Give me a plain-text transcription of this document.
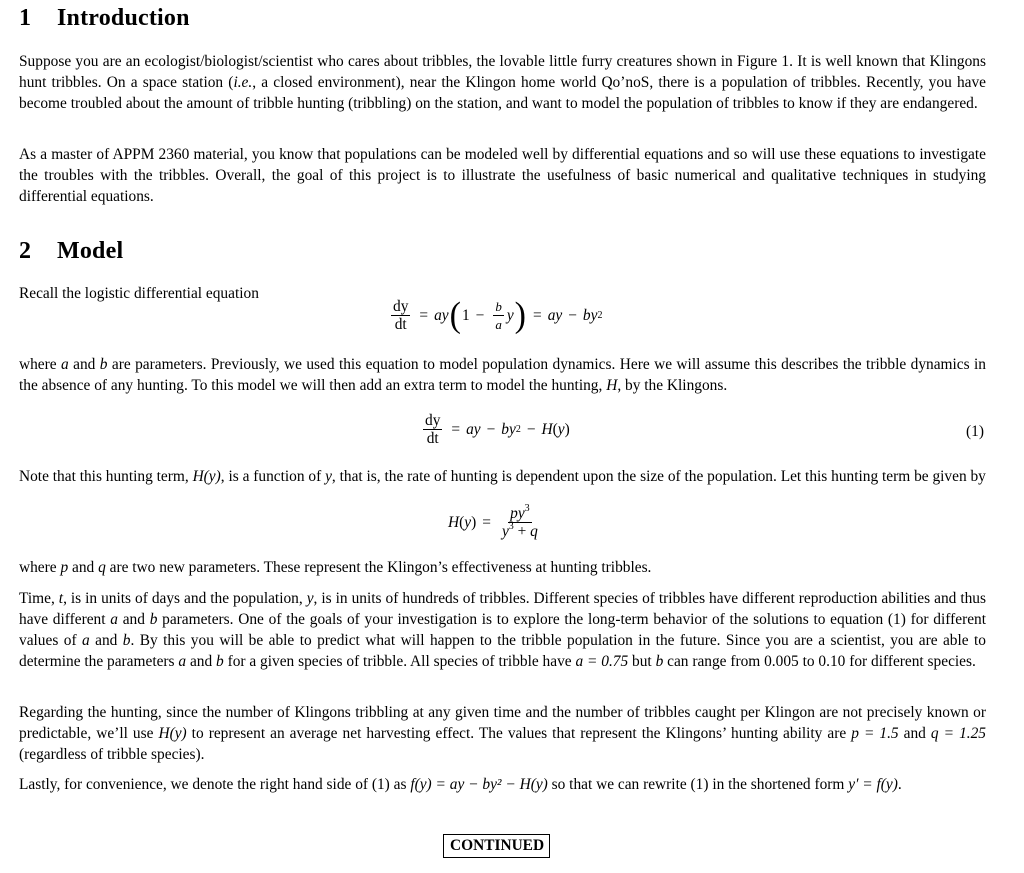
1 Introduction

Suppose you are an ecologist/biologist/scientist who cares about tribbles, the lovable little furry creatures shown in Figure 1. It is well known that Klingons hunt tribbles. On a space station (i.e., a closed environment), near the Klingon home world Qo’noS, there is a population of tribbles. Recently, you have become troubled about the amount of tribble hunting (tribbling) on the station, and want to model the population of tribbles to know if they are endangered.

As a master of APPM 2360 material, you know that populations can be modeled well by differential equations and so will use these equations to investigate the troubles with the tribbles. Overall, the goal of this project is to illustrate the usefulness of basic numerical and qualitative techniques in studying differential equations.

2 Model

Recall the logistic differential equation

$\frac{dy}{dt}$ = ay ( $1 - \frac{b}{a}$ y ) = ay − by 2

where a and b are parameters. Previously, we used this equation to model population dynamics. Here we will assume this describes the tribble dynamics in the absence of any hunting. To this model we will then add an extra term to model the hunting, H, by the Klingons.

$\frac{dy}{dt}$ = ay − by 2 − H ( y )	(1)

Note that this hunting term, H(y), is a function of y, that is, the rate of hunting is dependent upon the size of the population. Let this hunting term be given by

H ( y ) = $\frac{py^3}{y^3 + q}$

where p and q are two new parameters. These represent the Klingon’s effectiveness at hunting tribbles.

Time, t, is in units of days and the population, y, is in units of hundreds of tribbles. Different species of tribbles have different reproduction abilities and thus have different a and b parameters. One of the goals of your investigation is to explore the long-term behavior of the solutions to equation (1) for different values of a and b. By this you will be able to predict what will happen to the tribble population in the future. Since you are a scientist, you are able to determine the parameters a and b for a given species of tribble. All species of tribble have a = 0.75 but b can range from 0.005 to 0.10 for different species.

Regarding the hunting, since the number of Klingons tribbling at any given time and the number of tribbles caught per Klingon are not precisely known or predictable, we’ll use H(y) to represent an average net harvesting effect. The values that represent the Klingons’ hunting ability are p = 1.5 and q = 1.25 (regardless of tribble species).

Lastly, for convenience, we denote the right hand side of (1) as f(y) = ay − by² − H(y) so that we can rewrite (1) in the shortened form y′ = f(y).

CONTINUED
